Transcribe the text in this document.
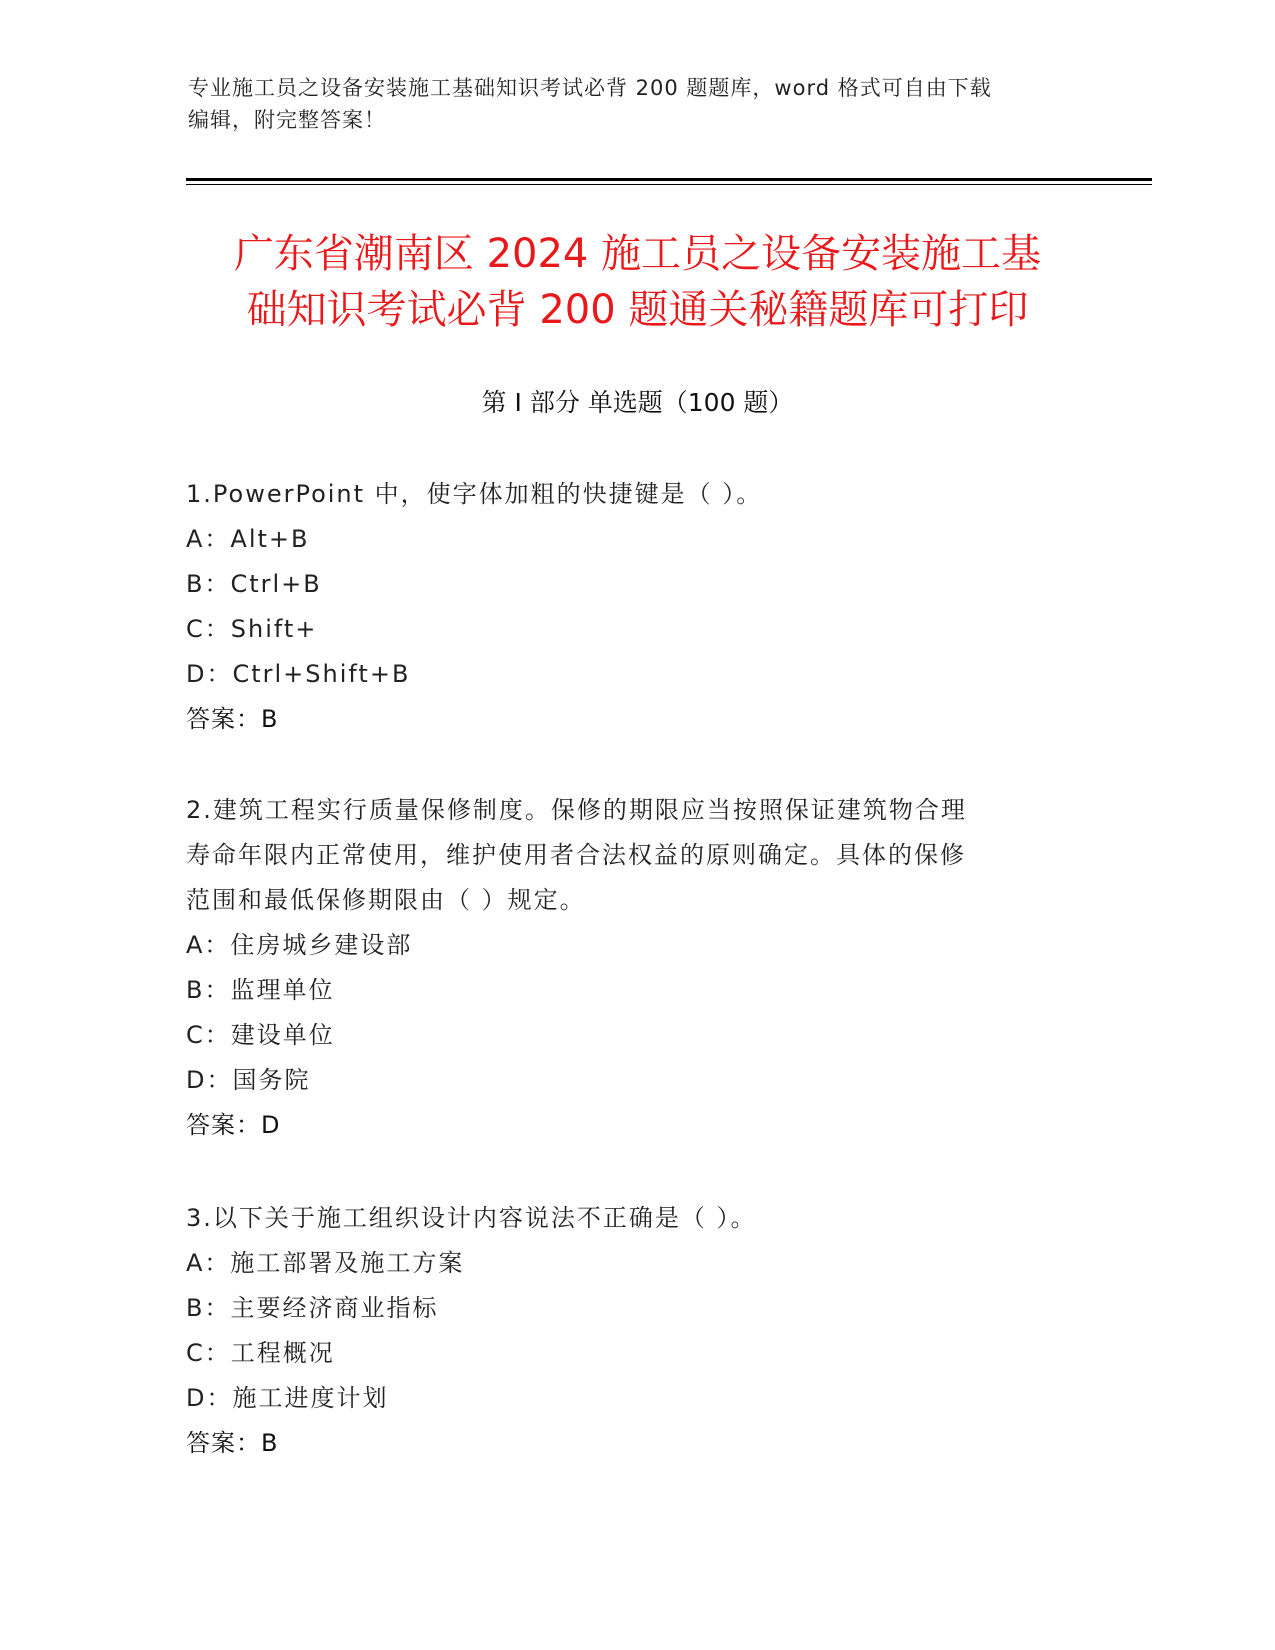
专业施工员之设备安装施工基础知识考试必背 200 题题库，word 格式可自由下载
编辑，附完整答案！
广东省潮南区 2024 施工员之设备安装施工基
础知识考试必背 200 题通关秘籍题库可打印
第 I 部分 单选题（100 题）

1.PowerPoint 中，使字体加粗的快捷键是（ ）。

A：Alt+B

B：Ctrl+B

C：Shift+

D：Ctrl+Shift+B

答案：B

2.建筑工程实行质量保修制度。保修的期限应当按照保证建筑物合理

寿命年限内正常使用，维护使用者合法权益的原则确定。具体的保修

范围和最低保修期限由（ ）规定。

A：住房城乡建设部

B：监理单位

C：建设单位

D：国务院

答案：D

3.以下关于施工组织设计内容说法不正确是（ ）。

A：施工部署及施工方案

B：主要经济商业指标

C：工程概况

D：施工进度计划

答案：B
